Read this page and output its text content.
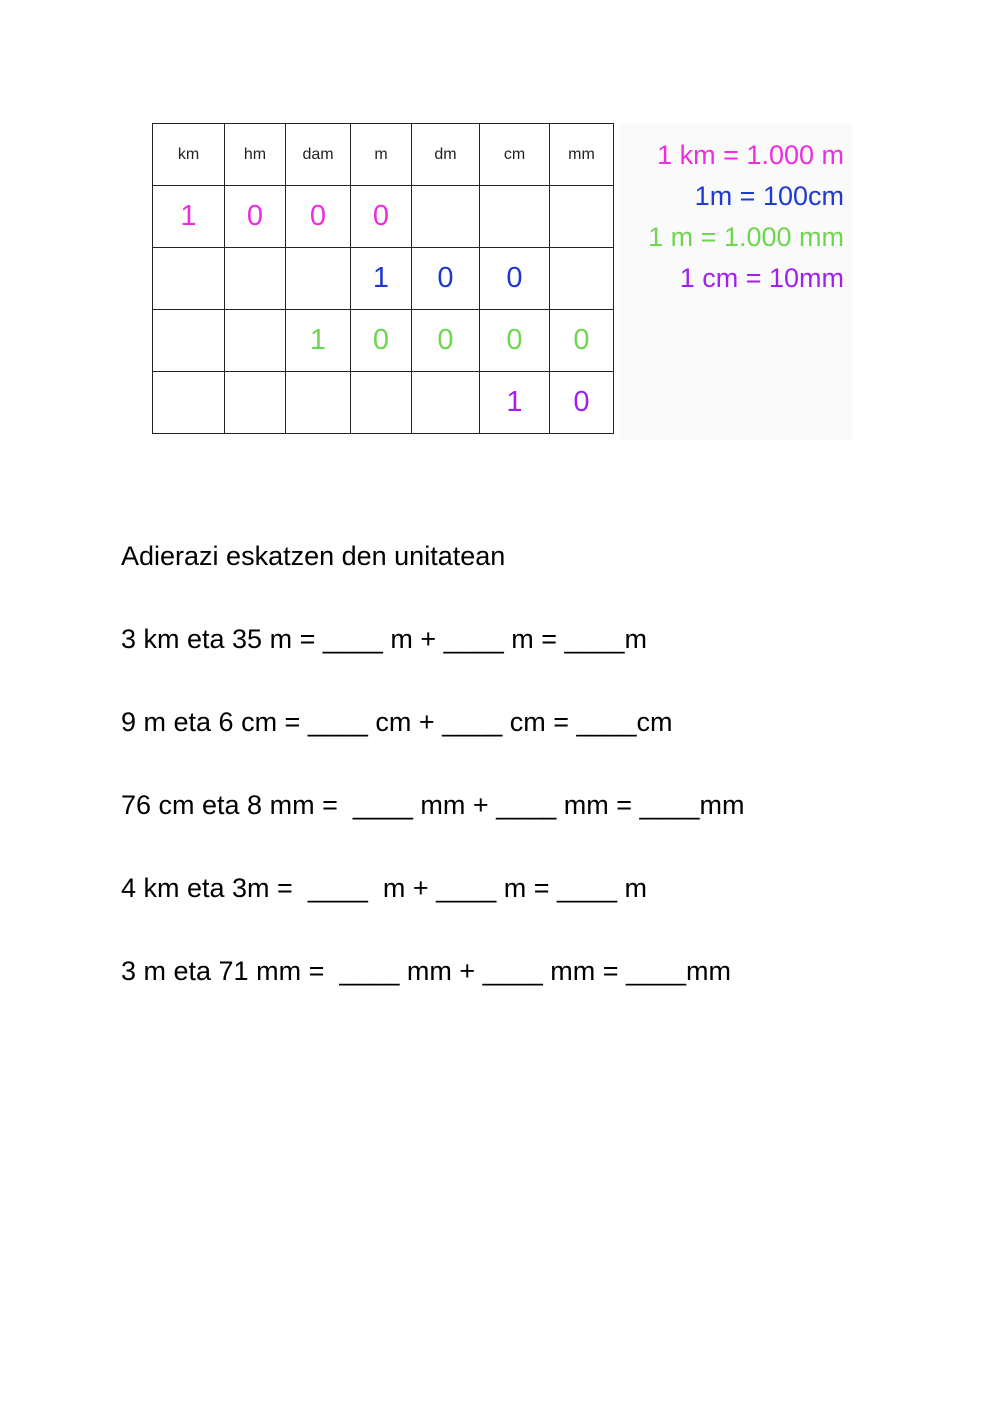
km	hm	dam	m	dm	cm	mm
1	0	0	0			
			1	0	0	
		1	0	0	0	0
					1	0
1 km = 1.000 m
1m = 100cm
1 m = 1.000 mm
1 cm = 10mm
Adierazi eskatzen den unitatean

3 km eta 35 m = ____ m + ____ m = ____m

9 m eta 6 cm = ____ cm + ____ cm = ____cm

76 cm eta 8 mm =  ____ mm + ____ mm = ____mm

4 km eta 3m =  ____  m + ____ m = ____ m

3 m eta 71 mm =  ____ mm + ____ mm = ____mm
